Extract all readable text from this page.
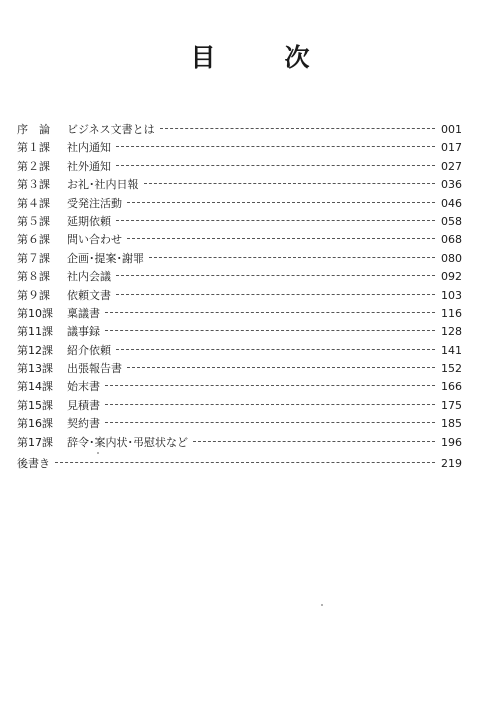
目　次
序　論	ビジネス文書とは	001
第１課	社内通知	017
第２課	社外通知	027
第３課	お礼･社内日報	036
第４課	受発注活動	046
第５課	延期依頼	058
第６課	問い合わせ	068
第７課	企画･提案･謝罪	080
第８課	社内会議	092
第９課	依頼文書	103
第10課	稟議書	116
第11課	議事録	128
第12課	紹介依頼	141
第13課	出張報告書	152
第14課	始末書	166
第15課	見積書	175
第16課	契約書	185
第17課	辞令･案内状･弔慰状など	196
後書き	219
